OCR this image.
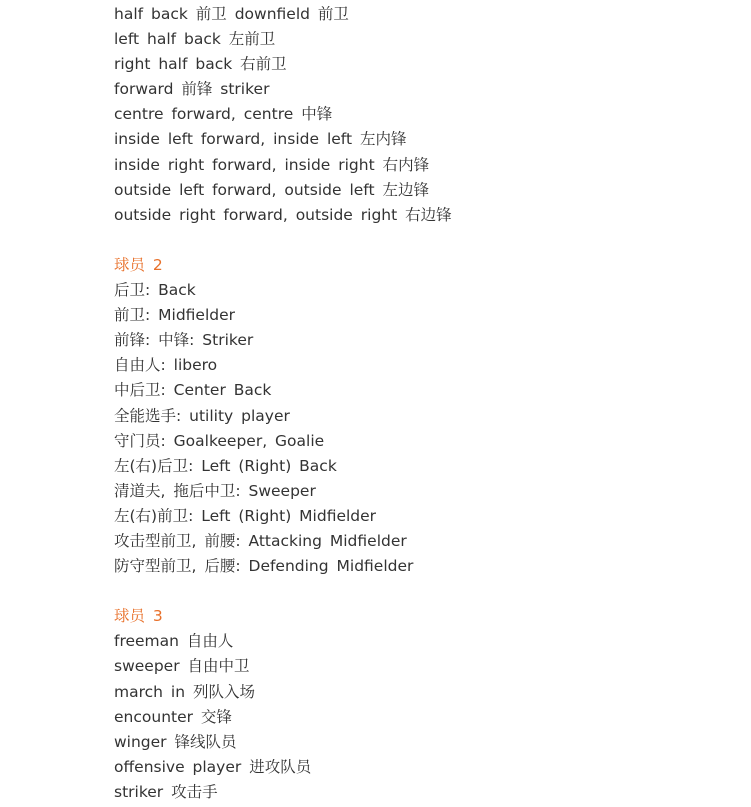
half back 前卫 downfield 前卫
left half back 左前卫
right half back 右前卫
forward 前锋 striker
centre forward, centre 中锋
inside left forward, inside left 左内锋
inside right forward, inside right 右内锋
outside left forward, outside left 左边锋
outside right forward, outside right 右边锋
球员 2
后卫: Back
前卫: Midfielder
前锋: 中锋: Striker
自由人: libero
中后卫: Center Back
全能选手: utility player
守门员: Goalkeeper, Goalie
左(右)后卫: Left (Right) Back
清道夫, 拖后中卫: Sweeper
左(右)前卫: Left (Right) Midfielder
攻击型前卫, 前腰: Attacking Midfielder
防守型前卫, 后腰: Defending Midfielder
球员 3
freeman 自由人
sweeper 自由中卫
march in 列队入场
encounter 交锋
winger 锋线队员
offensive player 进攻队员
striker 攻击手
